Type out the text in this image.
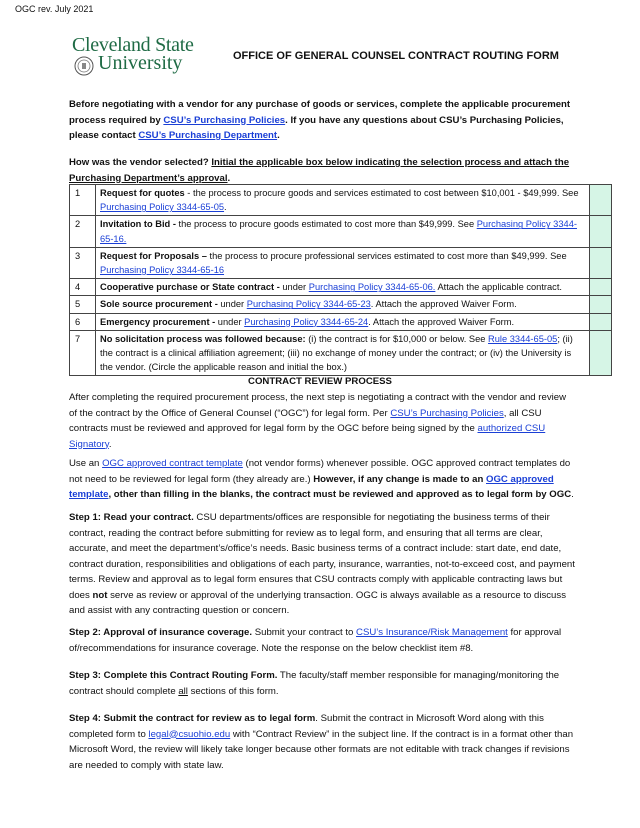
OGC rev. July 2021
Cleveland State
University	OFFICE OF GENERAL COUNSEL CONTRACT ROUTING FORM
Before negotiating with a vendor for any purchase of goods or services, complete the applicable procurement process required by CSU’s Purchasing Policies. If you have any questions about CSU’s Purchasing Policies, please contact CSU’s Purchasing Department.
How was the vendor selected? Initial the applicable box below indicating the selection process and attach the Purchasing Department’s approval.
1	Request for quotes - the process to procure goods and services estimated to cost between $10,001 - $49,999. See Purchasing Policy 3344-65-05.	
2	Invitation to Bid - the process to procure goods estimated to cost more than $49,999. See Purchasing Policy 3344-65-16.	
3	Request for Proposals – the process to procure professional services estimated to cost more than $49,999. See Purchasing Policy 3344-65-16	
4	Cooperative purchase or State contract - under Purchasing Policy 3344-65-06. Attach the applicable contract.	
5	Sole source procurement - under Purchasing Policy 3344-65-23. Attach the approved Waiver Form.	
6	Emergency procurement - under Purchasing Policy 3344-65-24. Attach the approved Waiver Form.	
7	No solicitation process was followed because: (i) the contract is for $10,000 or below. See Rule 3344-65-05; (ii) the contract is a clinical affiliation agreement; (iii) no exchange of money under the contract; or (iv) the University is the vendor. (Circle the applicable reason and initial the box.)	
CONTRACT REVIEW PROCESS
After completing the required procurement process, the next step is negotiating a contract with the vendor and review of the contract by the Office of General Counsel (“OGC”) for legal form. Per CSU’s Purchasing Policies, all CSU contracts must be reviewed and approved for legal form by the OGC before being signed by the authorized CSU Signatory.
Use an OGC approved contract template (not vendor forms) whenever possible. OGC approved contract templates do not need to be reviewed for legal form (they already are.) However, if any change is made to an OGC approved template, other than filling in the blanks, the contract must be reviewed and approved as to legal form by OGC.
Step 1: Read your contract. CSU departments/offices are responsible for negotiating the business terms of their contract, reading the contract before submitting for review as to legal form, and ensuring that all terms are clear, accurate, and meet the department’s/office’s needs. Basic business terms of a contract include: start date, end date, contract duration, responsibilities and obligations of each party, insurance, warranties, not-to-exceed cost, and payment terms. Review and approval as to legal form ensures that CSU contracts comply with applicable contracting laws but does not serve as review or approval of the underlying transaction. OGC is always available as a resource to discuss and assist with any contracting question or concern.
Step 2: Approval of insurance coverage. Submit your contract to CSU’s Insurance/Risk Management for approval of/recommendations for insurance coverage. Note the response on the below checklist item #8.
Step 3: Complete this Contract Routing Form. The faculty/staff member responsible for managing/monitoring the contract should complete all sections of this form.
Step 4: Submit the contract for review as to legal form. Submit the contract in Microsoft Word along with this completed form to legal@csuohio.edu with “Contract Review” in the subject line. If the contract is in a format other than Microsoft Word, the review will likely take longer because other formats are not editable with track changes if revisions are needed to comply with state law.
